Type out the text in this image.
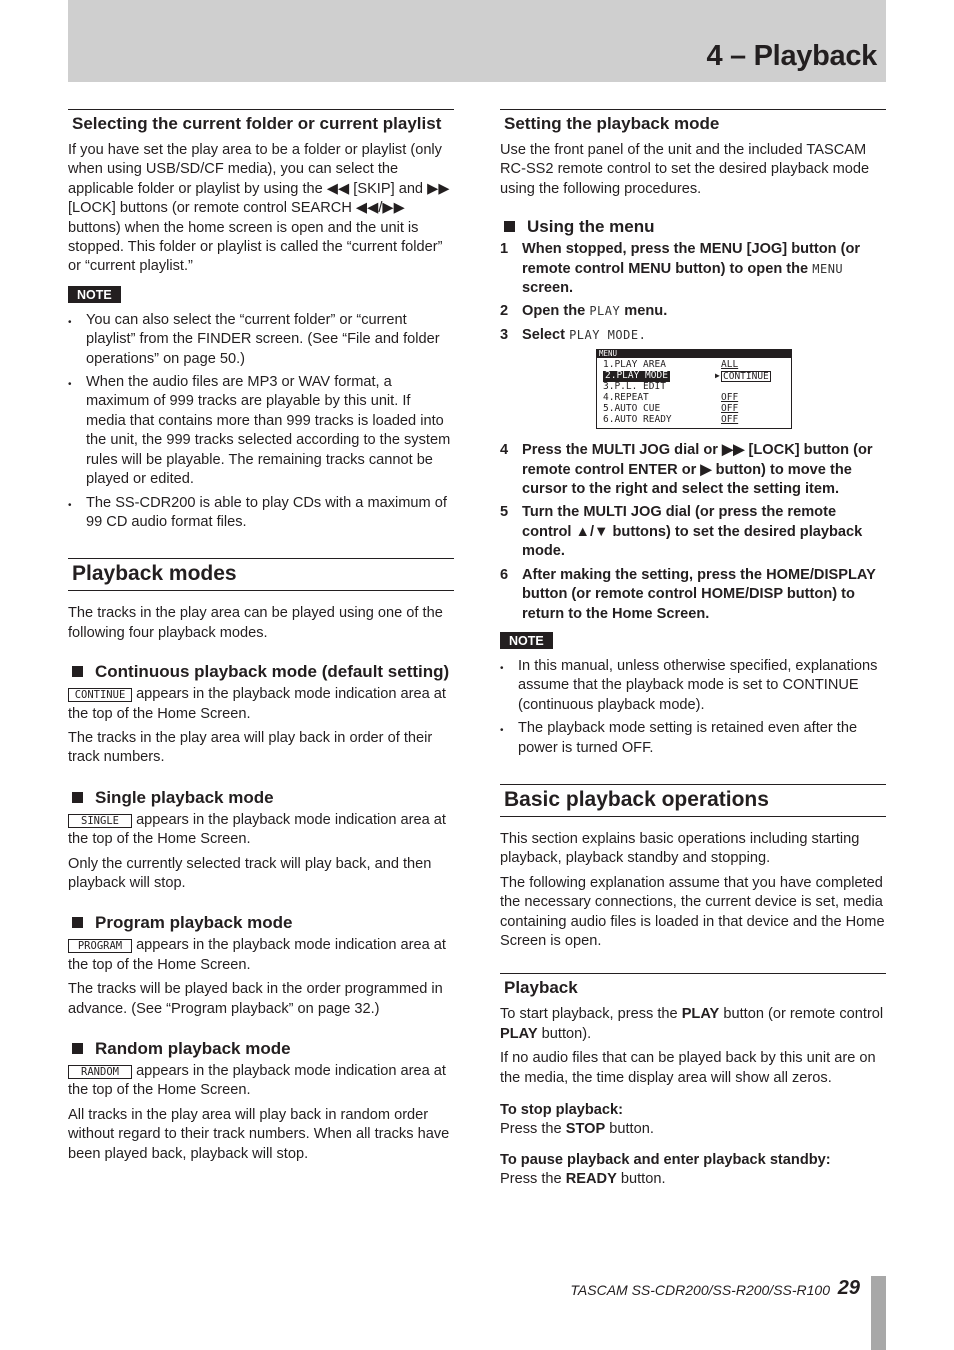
4 – Playback
Selecting the current folder or current playlist

If you have set the play area to be a folder or playlist (only when using USB/SD/CF media), you can select the applicable folder or playlist by using the ◀◀ [SKIP] and ▶▶ [LOCK] buttons (or remote control SEARCH ◀◀/▶▶ buttons) when the home screen is open and the unit is stopped. This folder or playlist is called the “current folder” or “current playlist.”

NOTE
• You can also select the “current folder” or “current playlist” from the FINDER screen. (See “File and folder operations” on page 50.)
• When the audio files are MP3 or WAV format, a maximum of 999 tracks are playable by this unit. If media that contains more than 999 tracks is loaded into the unit, the 999 tracks selected according to the system rules will be playable. The remaining tracks cannot be played or edited.
• The SS-CDR200 is able to play CDs with a maximum of 99 CD audio format files.
Playback modes

The tracks in the play area can be played using one of the following four playback modes.

Continuous playback mode (default setting)

CONTINUE appears in the playback mode indication area at the top of the Home Screen.

The tracks in the play area will play back in order of their track numbers.

Single playback mode

SINGLE appears in the playback mode indication area at the top of the Home Screen.

Only the currently selected track will play back, and then playback will stop.

Program playback mode

PROGRAM appears in the playback mode indication area at the top of the Home Screen.

The tracks will be played back in the order programmed in advance. (See “Program playback” on page 32.)

Random playback mode

RANDOM appears in the playback mode indication area at the top of the Home Screen.

All tracks in the play area will play back in random order without regard to their track numbers. When all tracks have been played back, playback will stop.

Setting the playback mode

Use the front panel of the unit and the included TASCAM RC-SS2 remote control to set the desired playback mode using the following procedures.

Using the menu
1 When stopped, press the MENU [JOG] button (or remote control MENU button) to open the MENU screen.
2 Open the PLAY menu.
3 Select PLAY MODE.
MENU
1.PLAY AREA	ALL
2.PLAY MODE	▶ CONTINUE
3.P.L. EDIT
4.REPEAT	OFF
5.AUTO CUE	OFF
6.AUTO READY	OFF
4 Press the MULTI JOG dial or ▶▶ [LOCK] button (or remote control ENTER or ▶ button) to move the cursor to the right and select the setting item.
5 Turn the MULTI JOG dial (or press the remote control ▲/▼ buttons) to set the desired playback mode.
6 After making the setting, press the HOME/DISPLAY button (or remote control HOME/DISP button) to return to the Home Screen.
NOTE
• In this manual, unless otherwise specified, explanations assume that the playback mode is set to CONTINUE (continuous playback mode).
• The playback mode setting is retained even after the power is turned OFF.
Basic playback operations

This section explains basic operations including starting playback, playback standby and stopping.

The following explanation assume that you have completed the necessary connections, the current device is set, media containing audio files is loaded in that device and the Home Screen is open.

Playback

To start playback, press the PLAY button (or remote control PLAY button).

If no audio files that can be played back by this unit are on the media, the time display area will show all zeros.

To stop playback:

Press the STOP button.

To pause playback and enter playback standby:

Press the READY button.

TASCAM SS-CDR200/SS-R200/SS-R100 29
